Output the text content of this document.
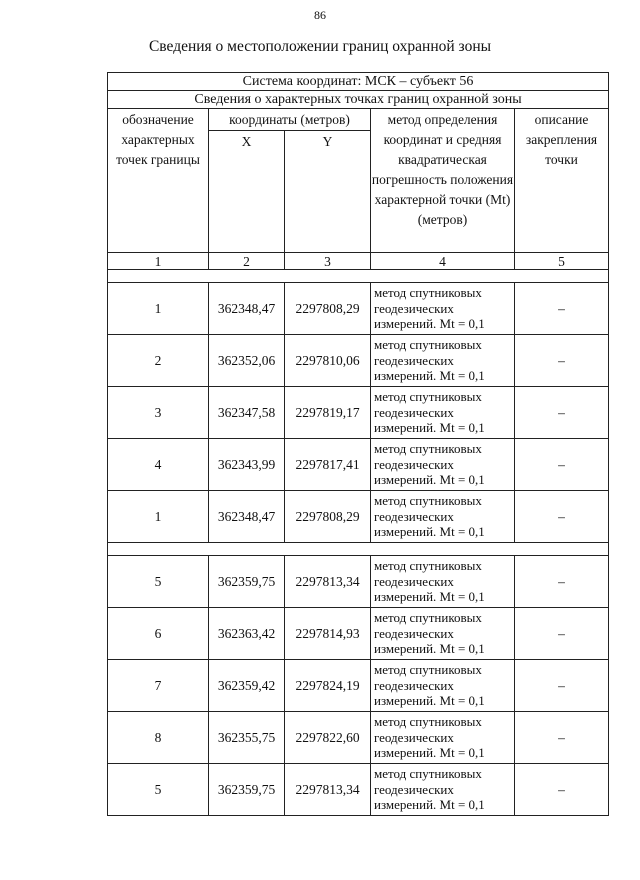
86
Сведения о местоположении границ охранной зоны
Система координат: МСК – субъект 56				
Сведения о характерных точках границ охранной зоны				
обозначение характерных точек границы	координаты (метров)		метод определения координат и средняя квадратическая погрешность положения характерной точки (Mt) (метров)	описание закрепления точки
	X	Y		
1	2	3	4	5

1	362348,47	2297808,29	метод спутниковых геодезических измерений. Mt = 0,1	–
2	362352,06	2297810,06	метод спутниковых геодезических измерений. Mt = 0,1	–
3	362347,58	2297819,17	метод спутниковых геодезических измерений. Mt = 0,1	–
4	362343,99	2297817,41	метод спутниковых геодезических измерений. Mt = 0,1	–
1	362348,47	2297808,29	метод спутниковых геодезических измерений. Mt = 0,1	–

5	362359,75	2297813,34	метод спутниковых геодезических измерений. Mt = 0,1	–
6	362363,42	2297814,93	метод спутниковых геодезических измерений. Mt = 0,1	–
7	362359,42	2297824,19	метод спутниковых геодезических измерений. Mt = 0,1	–
8	362355,75	2297822,60	метод спутниковых геодезических измерений. Mt = 0,1	–
5	362359,75	2297813,34	метод спутниковых геодезических измерений. Mt = 0,1	–
